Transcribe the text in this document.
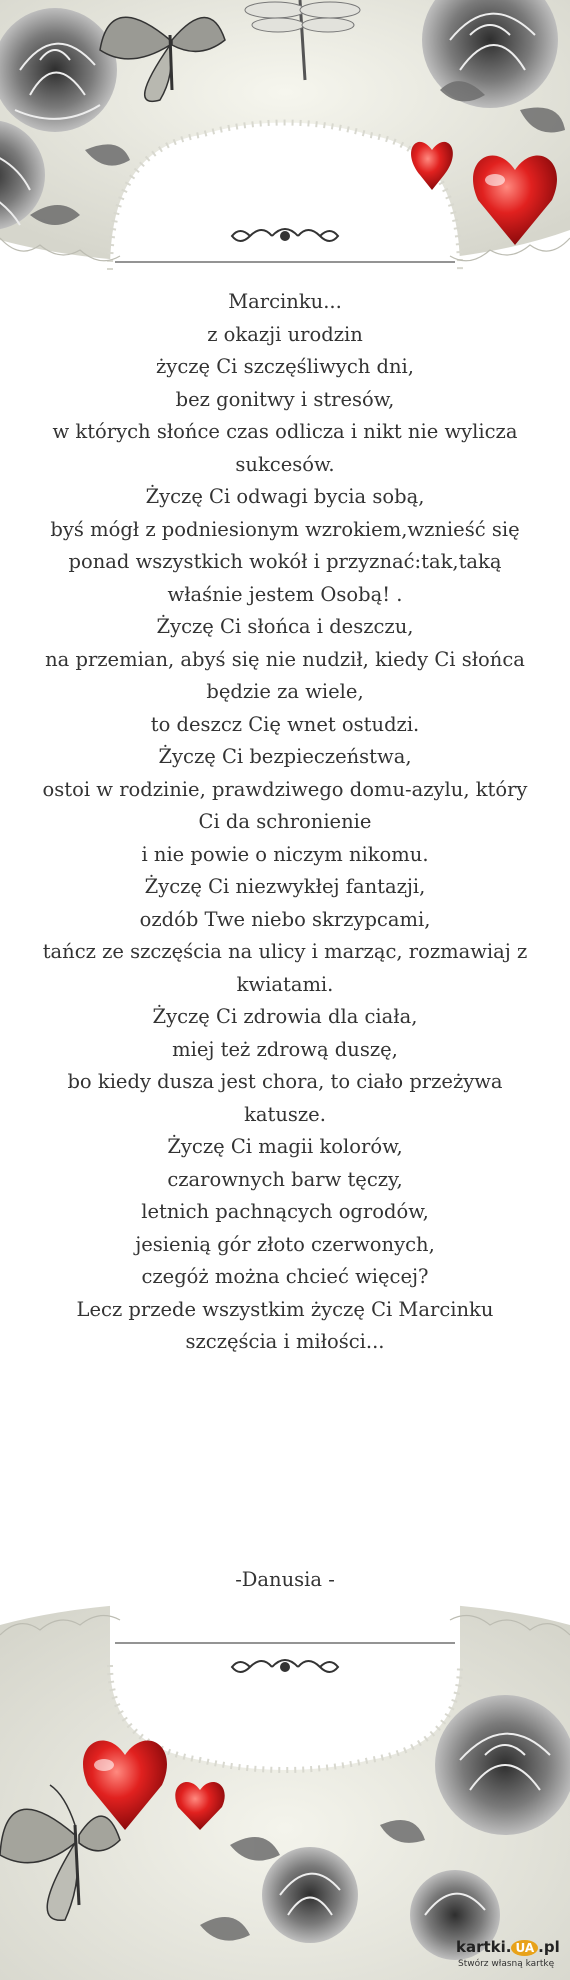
Marcinku...
z okazji urodzin
życzę Ci szczęśliwych dni,
bez gonitwy i stresów,
w których słońce czas odlicza i nikt nie wylicza
sukcesów.
Życzę Ci odwagi bycia sobą,
byś mógł z podniesionym wzrokiem,wznieść się
ponad wszystkich wokół i przyznać:tak,taką
właśnie jestem Osobą! .
Życzę Ci słońca i deszczu,
na przemian, abyś się nie nudził, kiedy Ci słońca
będzie za wiele,
to deszcz Cię wnet ostudzi.
Życzę Ci bezpieczeństwa,
ostoi w rodzinie, prawdziwego domu-azylu, który
Ci da schronienie
i nie powie o niczym nikomu.
Życzę Ci niezwykłej fantazji,
ozdób Twe niebo skrzypcami,
tańcz ze szczęścia na ulicy i marząc, rozmawiaj z
kwiatami.
Życzę Ci zdrowia dla ciała,
miej też zdrową duszę,
bo kiedy dusza jest chora, to ciało przeżywa
katusze.
Życzę Ci magii kolorów,
czarownych barw tęczy,
letnich pachnących ogrodów,
jesienią gór złoto czerwonych,
czegóż można chcieć więcej?
Lecz przede wszystkim życzę Ci Marcinku
szczęścia i miłości...
-Danusia -
kartki. UA .pl
Stwórz własną kartkę
